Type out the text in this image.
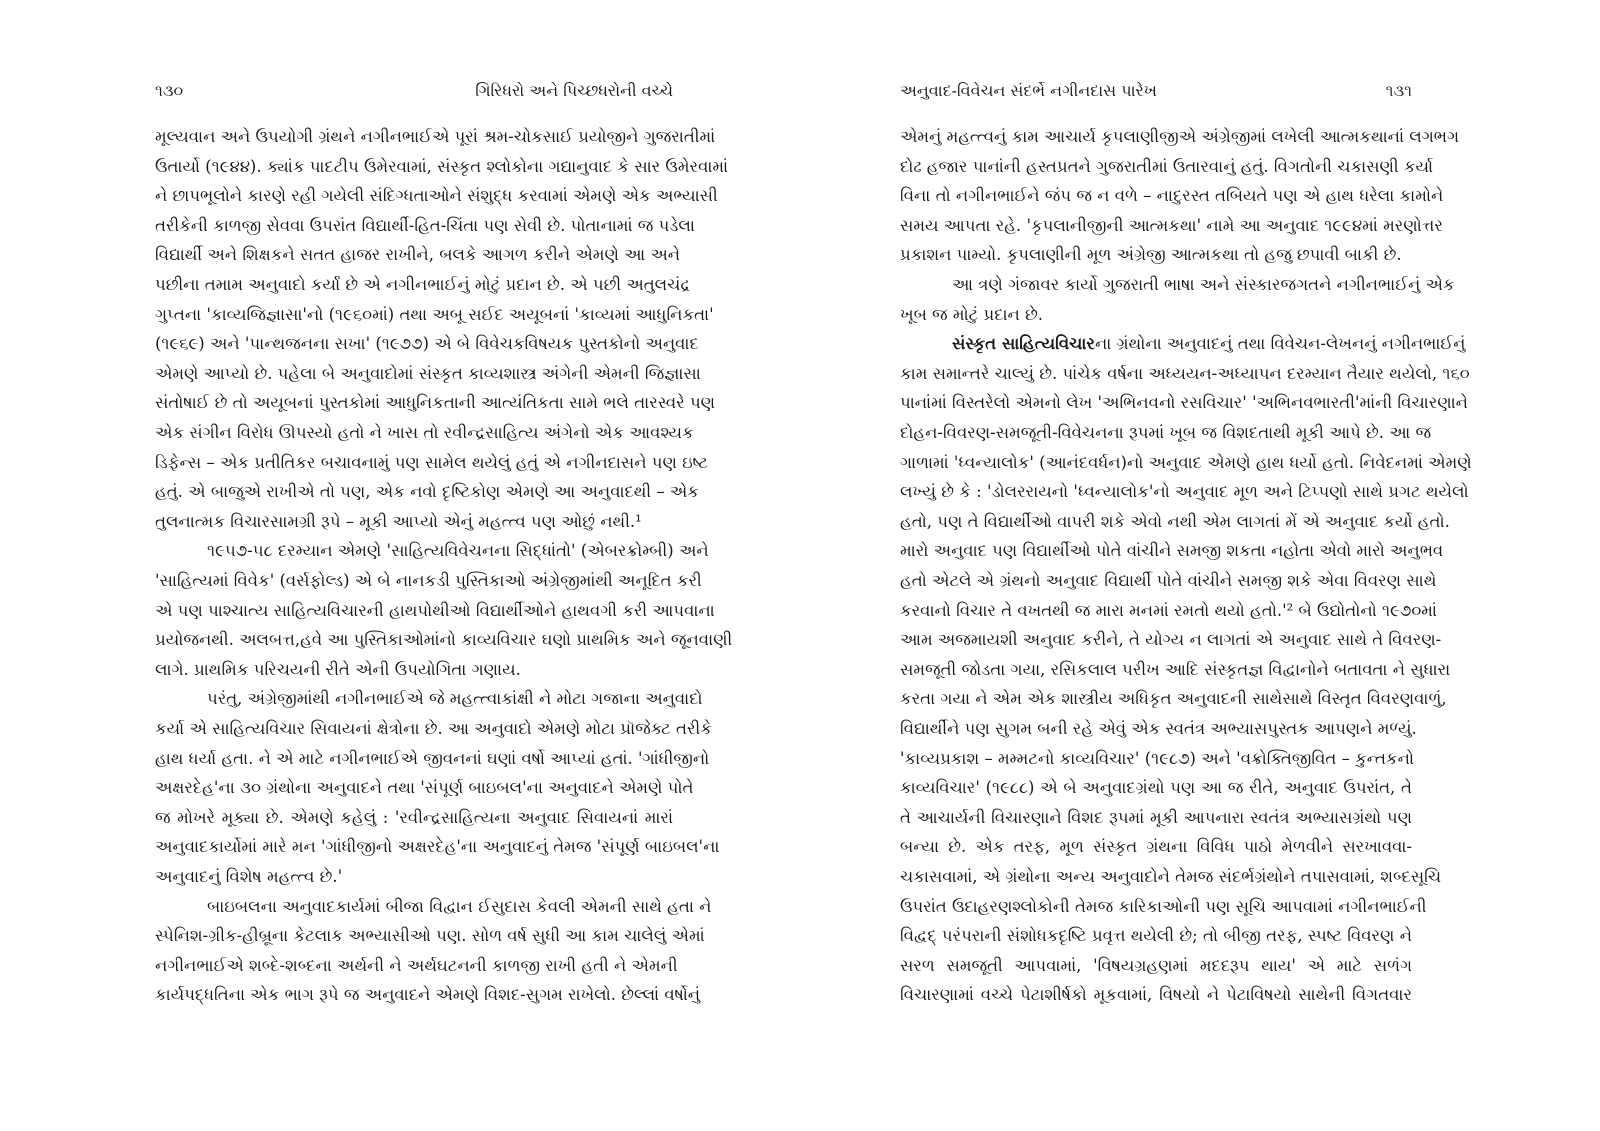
૧૩૦	ગિરિધરો અને પિચ્છધરોની વચ્ચે
મૂલ્યવાન અને ઉપયોગી ગ્રંથને નગીનભાઈએ પૂરાં શ્રમ-ચોકસાઈ પ્રયોજીને ગુજરાતીમાં
ઉતાર્યો (૧૯૪૪). ક્યાંક પાદટીપ ઉમેરવામાં, સંસ્કૃત શ્લોકોના ગદ્યાનુવાદ કે સાર ઉમેરવામાં
ને છાપભૂલોને કારણે રહી ગયેલી સંદિગ્ધતાઓને સંશુદ્ધ કરવામાં એમણે એક અભ્યાસી
તરીકેની કાળજી સેવવા ઉપરાંત વિદ્યાર્થી-હિત-ચિંતા પણ સેવી છે. પોતાનામાં જ પડેલા
વિદ્યાર્થી અને શિક્ષકને સતત હાજર રાખીને, બલકે આગળ કરીને એમણે આ અને
પછીના તમામ અનુવાદો કર્યાં છે એ નગીનભાઈનું મોટું પ્રદાન છે. એ પછી અતુલચંદ્ર
ગુપ્તના 'કાવ્યજિજ્ઞાસા'નો (૧૯૬૦માં) તથા અબૂ સઈદ અયૂબનાં 'કાવ્યમાં આધુનિકતા'
(૧૯૬૯) અને 'પાન્થજનના સખા' (૧૯૭૭) એ બે વિવેચકવિષયક પુસ્તકોનો અનુવાદ
એમણે આપ્યો છે. પહેલા બે અનુવાદોમાં સંસ્કૃત કાવ્યશાસ્ત્ર અંગેની એમની જિજ્ઞાસા
સંતોષાઈ છે તો અયૂબનાં પુસ્તકોમાં આધુનિકતાની આત્યંતિકતા સામે ભલે તારસ્વરે પણ
એક સંગીન વિરોધ ઊપસ્યો હતો ને ખાસ તો રવીન્દ્રસાહિત્ય અંગેનો એક આવશ્યક
ડિફેન્સ – એક પ્રતીતિકર બચાવનામું પણ સામેલ થયેલું હતું એ નગીનદાસને પણ ઇષ્ટ
હતું. એ બાજુએ રાખીએ તો પણ, એક નવો દૃષ્ટિકોણ એમણે આ અનુવાદથી – એક
તુલનાત્મક વિચારસામગ્રી રૂપે – મૂકી આપ્યો એનું મહત્ત્વ પણ ઓછું નથી.¹
૧૯૫૭-૫૮ દરમ્યાન એમણે 'સાહિત્યવિવેચનના સિદ્ધાંતો' (એબરક્રોમ્બી) અને
'સાહિત્યમાં વિવેક' (વર્સફોલ્ડ) એ બે નાનકડી પુસ્તિકાઓ અંગ્રેજીમાંથી અનૂદિત કરી
એ પણ પાશ્ચાત્ય સાહિત્યવિચારની હાથપોથીઓ વિદ્યાર્થીઓને હાથવગી કરી આપવાના
પ્રયોજનથી. અલબત્ત,હવે આ પુસ્તિકાઓમાંનો કાવ્યવિચાર ઘણો પ્રાથમિક અને જૂનવાણી
લાગે. પ્રાથમિક પરિચયની રીતે એની ઉપયોગિતા ગણાય.
પરંતુ, અંગ્રેજીમાંથી નગીનભાઈએ જે મહત્ત્વાકાંક્ષી ને મોટા ગજાના અનુવાદો
કર્યા એ સાહિત્યવિચાર સિવાયનાં ક્ષેત્રોના છે. આ અનુવાદો એમણે મોટા પ્રૉજેક્ટ તરીકે
હાથ ધર્યા હતા. ને એ માટે નગીનભાઈએ જીવનનાં ઘણાં વર્ષો આપ્યાં હતાં. 'ગાંધીજીનો
અક્ષરદેહ'ના ૩૦ ગ્રંથોના અનુવાદને તથા 'સંપૂર્ણ બાઇબલ'ના અનુવાદને એમણે પોતે
જ મોખરે મૂક્યા છે. એમણે કહેલું : 'રવીન્દ્રસાહિત્યના અનુવાદ સિવાયનાં મારાં
અનુવાદકાર્યોમાં મારે મન 'ગાંધીજીનો અક્ષરદેહ'ના અનુવાદનું તેમજ 'સંપૂર્ણ બાઇબલ'ના
અનુવાદનું વિશેષ મહત્ત્વ છે.'
બાઇબલના અનુવાદકાર્યમાં બીજા વિદ્વાન ઈસુદાસ કેવલી એમની સાથે હતા ને
સ્પેનિશ-ગ્રીક-હીબ્રૂના કેટલાક અભ્યાસીઓ પણ. સોળ વર્ષ સુધી આ કામ ચાલેલું એમાં
નગીનભાઈએ શબ્દે-શબ્દના અર્થની ને અર્થઘટનની કાળજી રાખી હતી ને એમની
કાર્યપદ્ધતિના એક ભાગ રૂપે જ અનુવાદને એમણે વિશદ-સુગમ રાખેલો. છેલ્લાં વર્ષોનું
અનુવાદ-વિવેચન સંદર્ભે નગીનદાસ પારેખ	૧૩૧
એમનું મહત્ત્વનું કામ આચાર્ય કૃપલાણીજીએ અંગ્રેજીમાં લખેલી આત્મકથાનાં લગભગ
દોઢ હજાર પાનાંની હસ્તપ્રતને ગુજરાતીમાં ઉતારવાનું હતું. વિગતોની ચકાસણી કર્યા
વિના તો નગીનભાઈને જંપ જ ન વળે – નાદુરસ્ત તબિયતે પણ એ હાથ ધરેલા કામોને
સમય આપતા રહે. 'કૃપલાનીજીની આત્મકથા' નામે આ અનુવાદ ૧૯૯૪માં મરણોત્તર
પ્રકાશન પામ્યો. કૃપલાણીની મૂળ અંગ્રેજી આત્મકથા તો હજુ છપાવી બાકી છે.
આ ત્રણે ગંજાવર કાર્યો ગુજરાતી ભાષા અને સંસ્કારજગતને નગીનભાઈનું એક
ખૂબ જ મોટું પ્રદાન છે.
સંસ્કૃત સાહિત્યવિચારના ગ્રંથોના અનુવાદનું તથા વિવેચન-લેખનનું નગીનભાઈનું
કામ સમાન્તરે ચાલ્યું છે. પાંચેક વર્ષના અધ્યયન-અધ્યાપન દરમ્યાન તૈયાર થયેલો, ૧૬૦
પાનાંમાં વિસ્તરેલો એમનો લેખ 'અભિનવનો રસવિચાર' 'અભિનવભારતી'માંની વિચારણાને
દોહન-વિવરણ-સમજૂતી-વિવેચનના રૂપમાં ખૂબ જ વિશદતાથી મૂકી આપે છે. આ જ
ગાળામાં 'ધ્વન્યાલોક' (આનંદવર્ધન)નો અનુવાદ એમણે હાથ ધર્યો હતો. નિવેદનમાં એમણે
લખ્યું છે કે : 'ડોલરરાયનો 'ધ્વન્યાલોક'નો અનુવાદ મૂળ અને ટિપ્પણો સાથે પ્રગટ થયેલો
હતો, પણ તે વિદ્યાર્થીઓ વાપરી શકે એવો નથી એમ લાગતાં મેં એ અનુવાદ કર્યો હતો.
મારો અનુવાદ પણ વિદ્યાર્થીઓ પોતે વાંચીને સમજી શકતા નહોતા એવો મારો અનુભવ
હતો એટલે એ ગ્રંથનો અનુવાદ વિદ્યાર્થી પોતે વાંચીને સમજી શકે એવા વિવરણ સાથે
કરવાનો વિચાર તે વખતથી જ મારા મનમાં રમતો થયો હતો.'² બે ઉદ્યોતોનો ૧૯૭૦માં
આમ અજમાયશી અનુવાદ કરીને, તે યોગ્ય ન લાગતાં એ અનુવાદ સાથે તે વિવરણ-
સમજૂતી જોડતા ગયા, રસિકલાલ પરીખ આદિ સંસ્કૃતજ્ઞ વિદ્વાનોને બતાવતા ને સુધારા
કરતા ગયા ને એમ એક શાસ્ત્રીય અધિકૃત અનુવાદની સાથેસાથે વિસ્તૃત વિવરણવાળું,
વિદ્યાર્થીને પણ સુગમ બની રહે એવું એક સ્વતંત્ર અભ્યાસપુસ્તક આપણને મળ્યું.
'કાવ્યપ્રકાશ – મમ્મટનો કાવ્યવિચાર' (૧૯૮૭) અને 'વક્રોક્તિજીવિત – કુન્તકનો
કાવ્યવિચાર' (૧૯૮૮) એ બે અનુવાદગ્રંથો પણ આ જ રીતે, અનુવાદ ઉપરાંત, તે
તે આચાર્યની વિચારણાને વિશદ રૂપમાં મૂકી આપનારા સ્વતંત્ર અભ્યાસગ્રંથો પણ
બન્યા છે. એક તરફ, મૂળ સંસ્કૃત ગ્રંથના વિવિધ પાઠો મેળવીને સરખાવવા-
ચકાસવામાં, એ ગ્રંથોના અન્ય અનુવાદોને તેમજ સંદર્ભગ્રંથોને તપાસવામાં, શબ્દસૂચિ
ઉપરાંત ઉદાહરણશ્લોકોની તેમજ કારિકાઓની પણ સૂચિ આપવામાં નગીનભાઈની
વિદ્વદ્ પરંપરાની સંશોધકદૃષ્ટિ પ્રવૃત્ત થયેલી છે; તો બીજી તરફ, સ્પષ્ટ વિવરણ ને
સરળ સમજૂતી આપવામાં, 'વિષયગ્રહણમાં મદદરૂપ થાય' એ માટે સળંગ
વિચારણામાં વચ્ચે પેટાશીર્ષકો મૂકવામાં, વિષયો ને પેટાવિષયો સાથેની વિગતવાર
